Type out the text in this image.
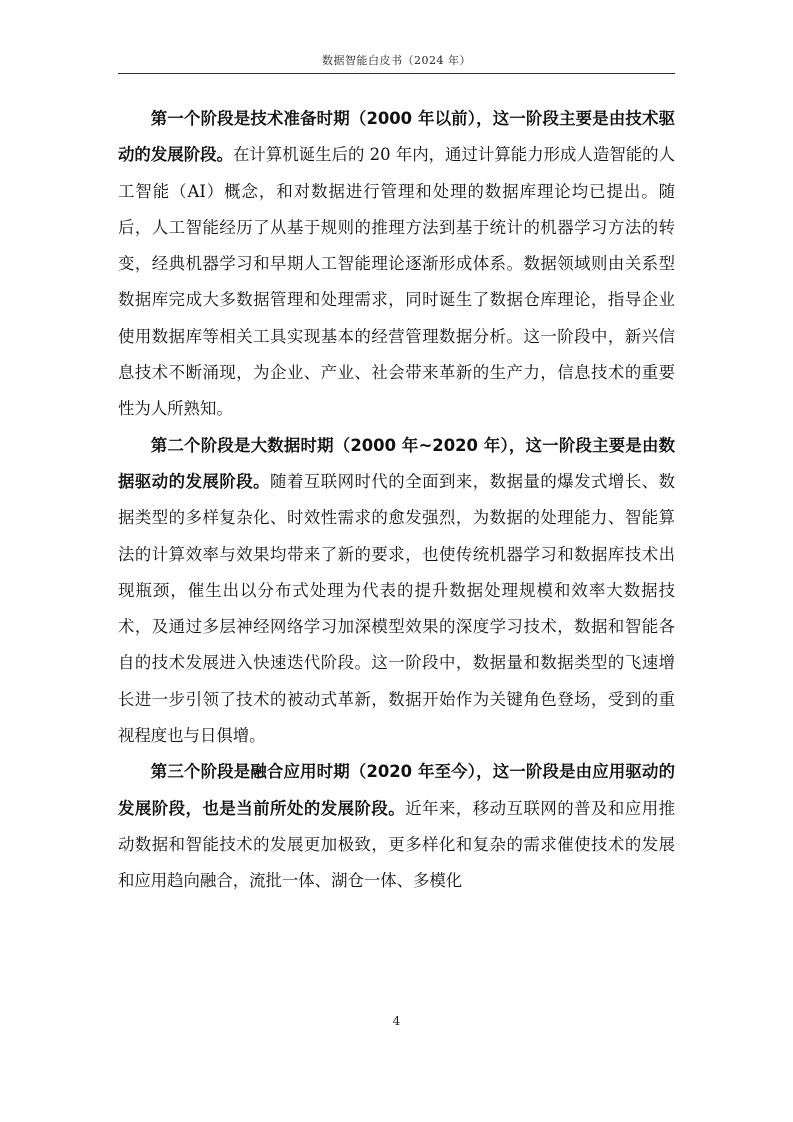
数据智能白皮书（2024 年）

第一个阶段是技术准备时期（2000 年以前），这一阶段主要是由技术驱动的发展阶段。在计算机诞生后的 20 年内，通过计算能力形成人造智能的人工智能（AI）概念，和对数据进行管理和处理的数据库理论均已提出。随后，人工智能经历了从基于规则的推理方法到基于统计的机器学习方法的转变，经典机器学习和早期人工智能理论逐渐形成体系。数据领域则由关系型数据库完成大多数据管理和处理需求，同时诞生了数据仓库理论，指导企业使用数据库等相关工具实现基本的经营管理数据分析。这一阶段中，新兴信息技术不断涌现，为企业、产业、社会带来革新的生产力，信息技术的重要性为人所熟知。

第二个阶段是大数据时期（2000 年~2020 年），这一阶段主要是由数据驱动的发展阶段。随着互联网时代的全面到来，数据量的爆发式增长、数据类型的多样复杂化、时效性需求的愈发强烈，为数据的处理能力、智能算法的计算效率与效果均带来了新的要求，也使传统机器学习和数据库技术出现瓶颈，催生出以分布式处理为代表的提升数据处理规模和效率大数据技术，及通过多层神经网络学习加深模型效果的深度学习技术，数据和智能各自的技术发展进入快速迭代阶段。这一阶段中，数据量和数据类型的飞速增长进一步引领了技术的被动式革新，数据开始作为关键角色登场，受到的重视程度也与日俱增。

第三个阶段是融合应用时期（2020 年至今），这一阶段是由应用驱动的发展阶段，也是当前所处的发展阶段。近年来，移动互联网的普及和应用推动数据和智能技术的发展更加极致，更多样化和复杂的需求催使技术的发展和应用趋向融合，流批一体、湖仓一体、多模化

4
